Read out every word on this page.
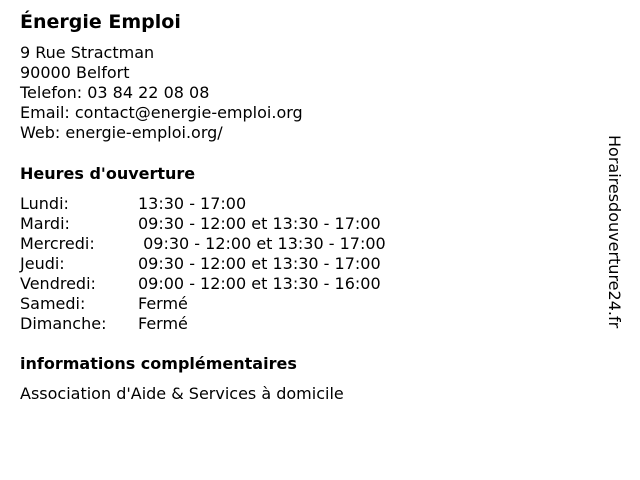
Énergie Emploi
9 Rue Stractman
90000 Belfort
Telefon: 03 84 22 08 08
Email: contact@energie-emploi.org
Web: energie-emploi.org/
Heures d'ouverture
Lundi:	13:30 - 17:00
Mardi:	09:30 - 12:00 et 13:30 - 17:00
Mercredi:	09:30 - 12:00 et 13:30 - 17:00
Jeudi:	09:30 - 12:00 et 13:30 - 17:00
Vendredi:	09:00 - 12:00 et 13:30 - 16:00
Samedi:	Fermé
Dimanche:	Fermé
informations complémentaires
Association d'Aide & Services à domicile
Horairesdouverture24.fr
